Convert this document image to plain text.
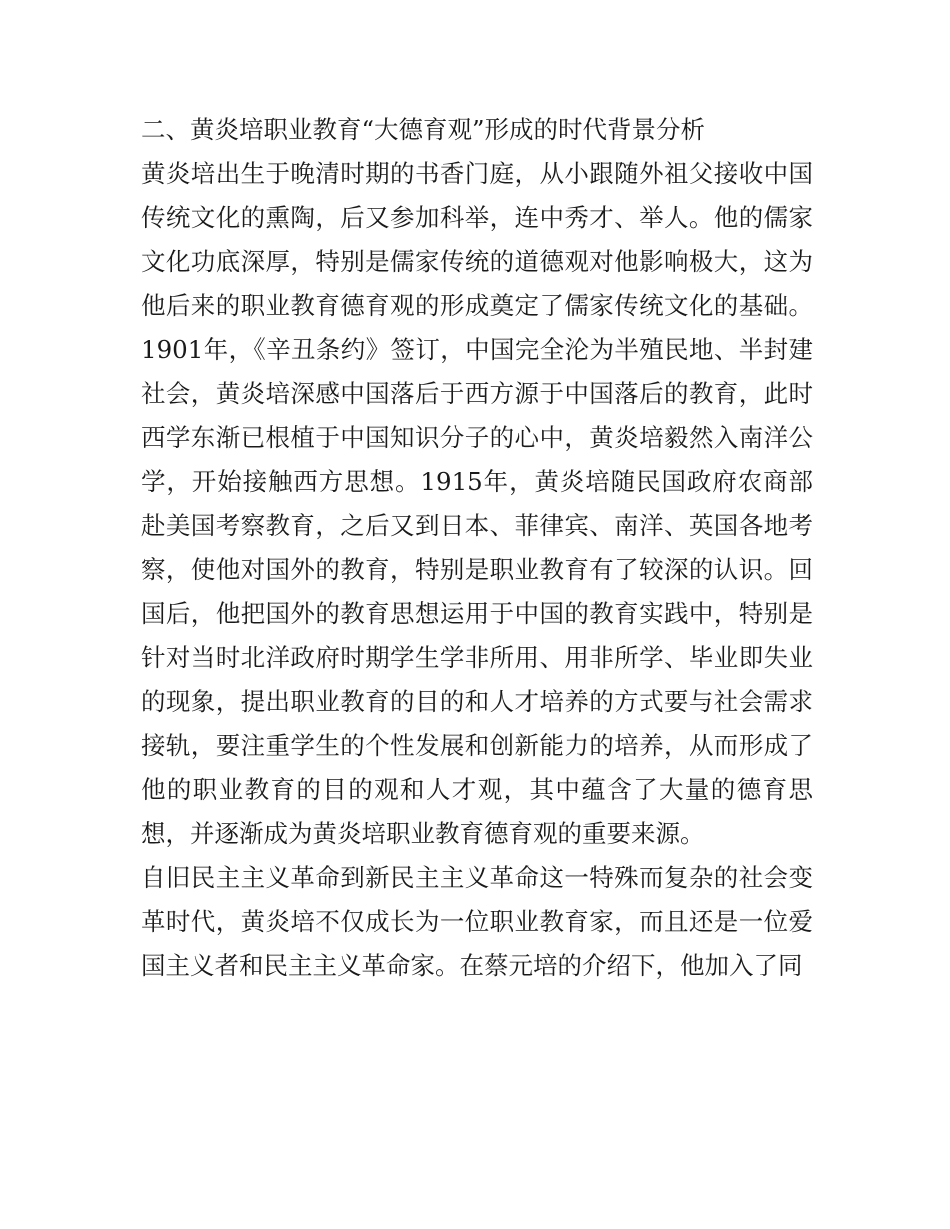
二、黄炎培职业教育“大德育观”形成的时代背景分析

黄炎培出生于晚清时期的书香门庭，从小跟随外祖父接收中国传统文化的熏陶，后又参加科举，连中秀才、举人。他的儒家文化功底深厚，特别是儒家传统的道德观对他影响极大，这为他后来的职业教育德育观的形成奠定了儒家传统文化的基础。1901年，《辛丑条约》签订，中国完全沦为半殖民地、半封建社会，黄炎培深感中国落后于西方源于中国落后的教育，此时西学东渐已根植于中国知识分子的心中，黄炎培毅然入南洋公学，开始接触西方思想。1915年，黄炎培随民国政府农商部赴美国考察教育，之后又到日本、菲律宾、南洋、英国各地考察，使他对国外的教育，特别是职业教育有了较深的认识。回国后，他把国外的教育思想运用于中国的教育实践中，特别是针对当时北洋政府时期学生学非所用、用非所学、毕业即失业的现象，提出职业教育的目的和人才培养的方式要与社会需求接轨，要注重学生的个性发展和创新能力的培养，从而形成了他的职业教育的目的观和人才观，其中蕴含了大量的德育思想，并逐渐成为黄炎培职业教育德育观的重要来源。

自旧民主主义革命到新民主主义革命这一特殊而复杂的社会变革时代，黄炎培不仅成长为一位职业教育家，而且还是一位爱国主义者和民主主义革命家。在蔡元培的介绍下，他加入了同
